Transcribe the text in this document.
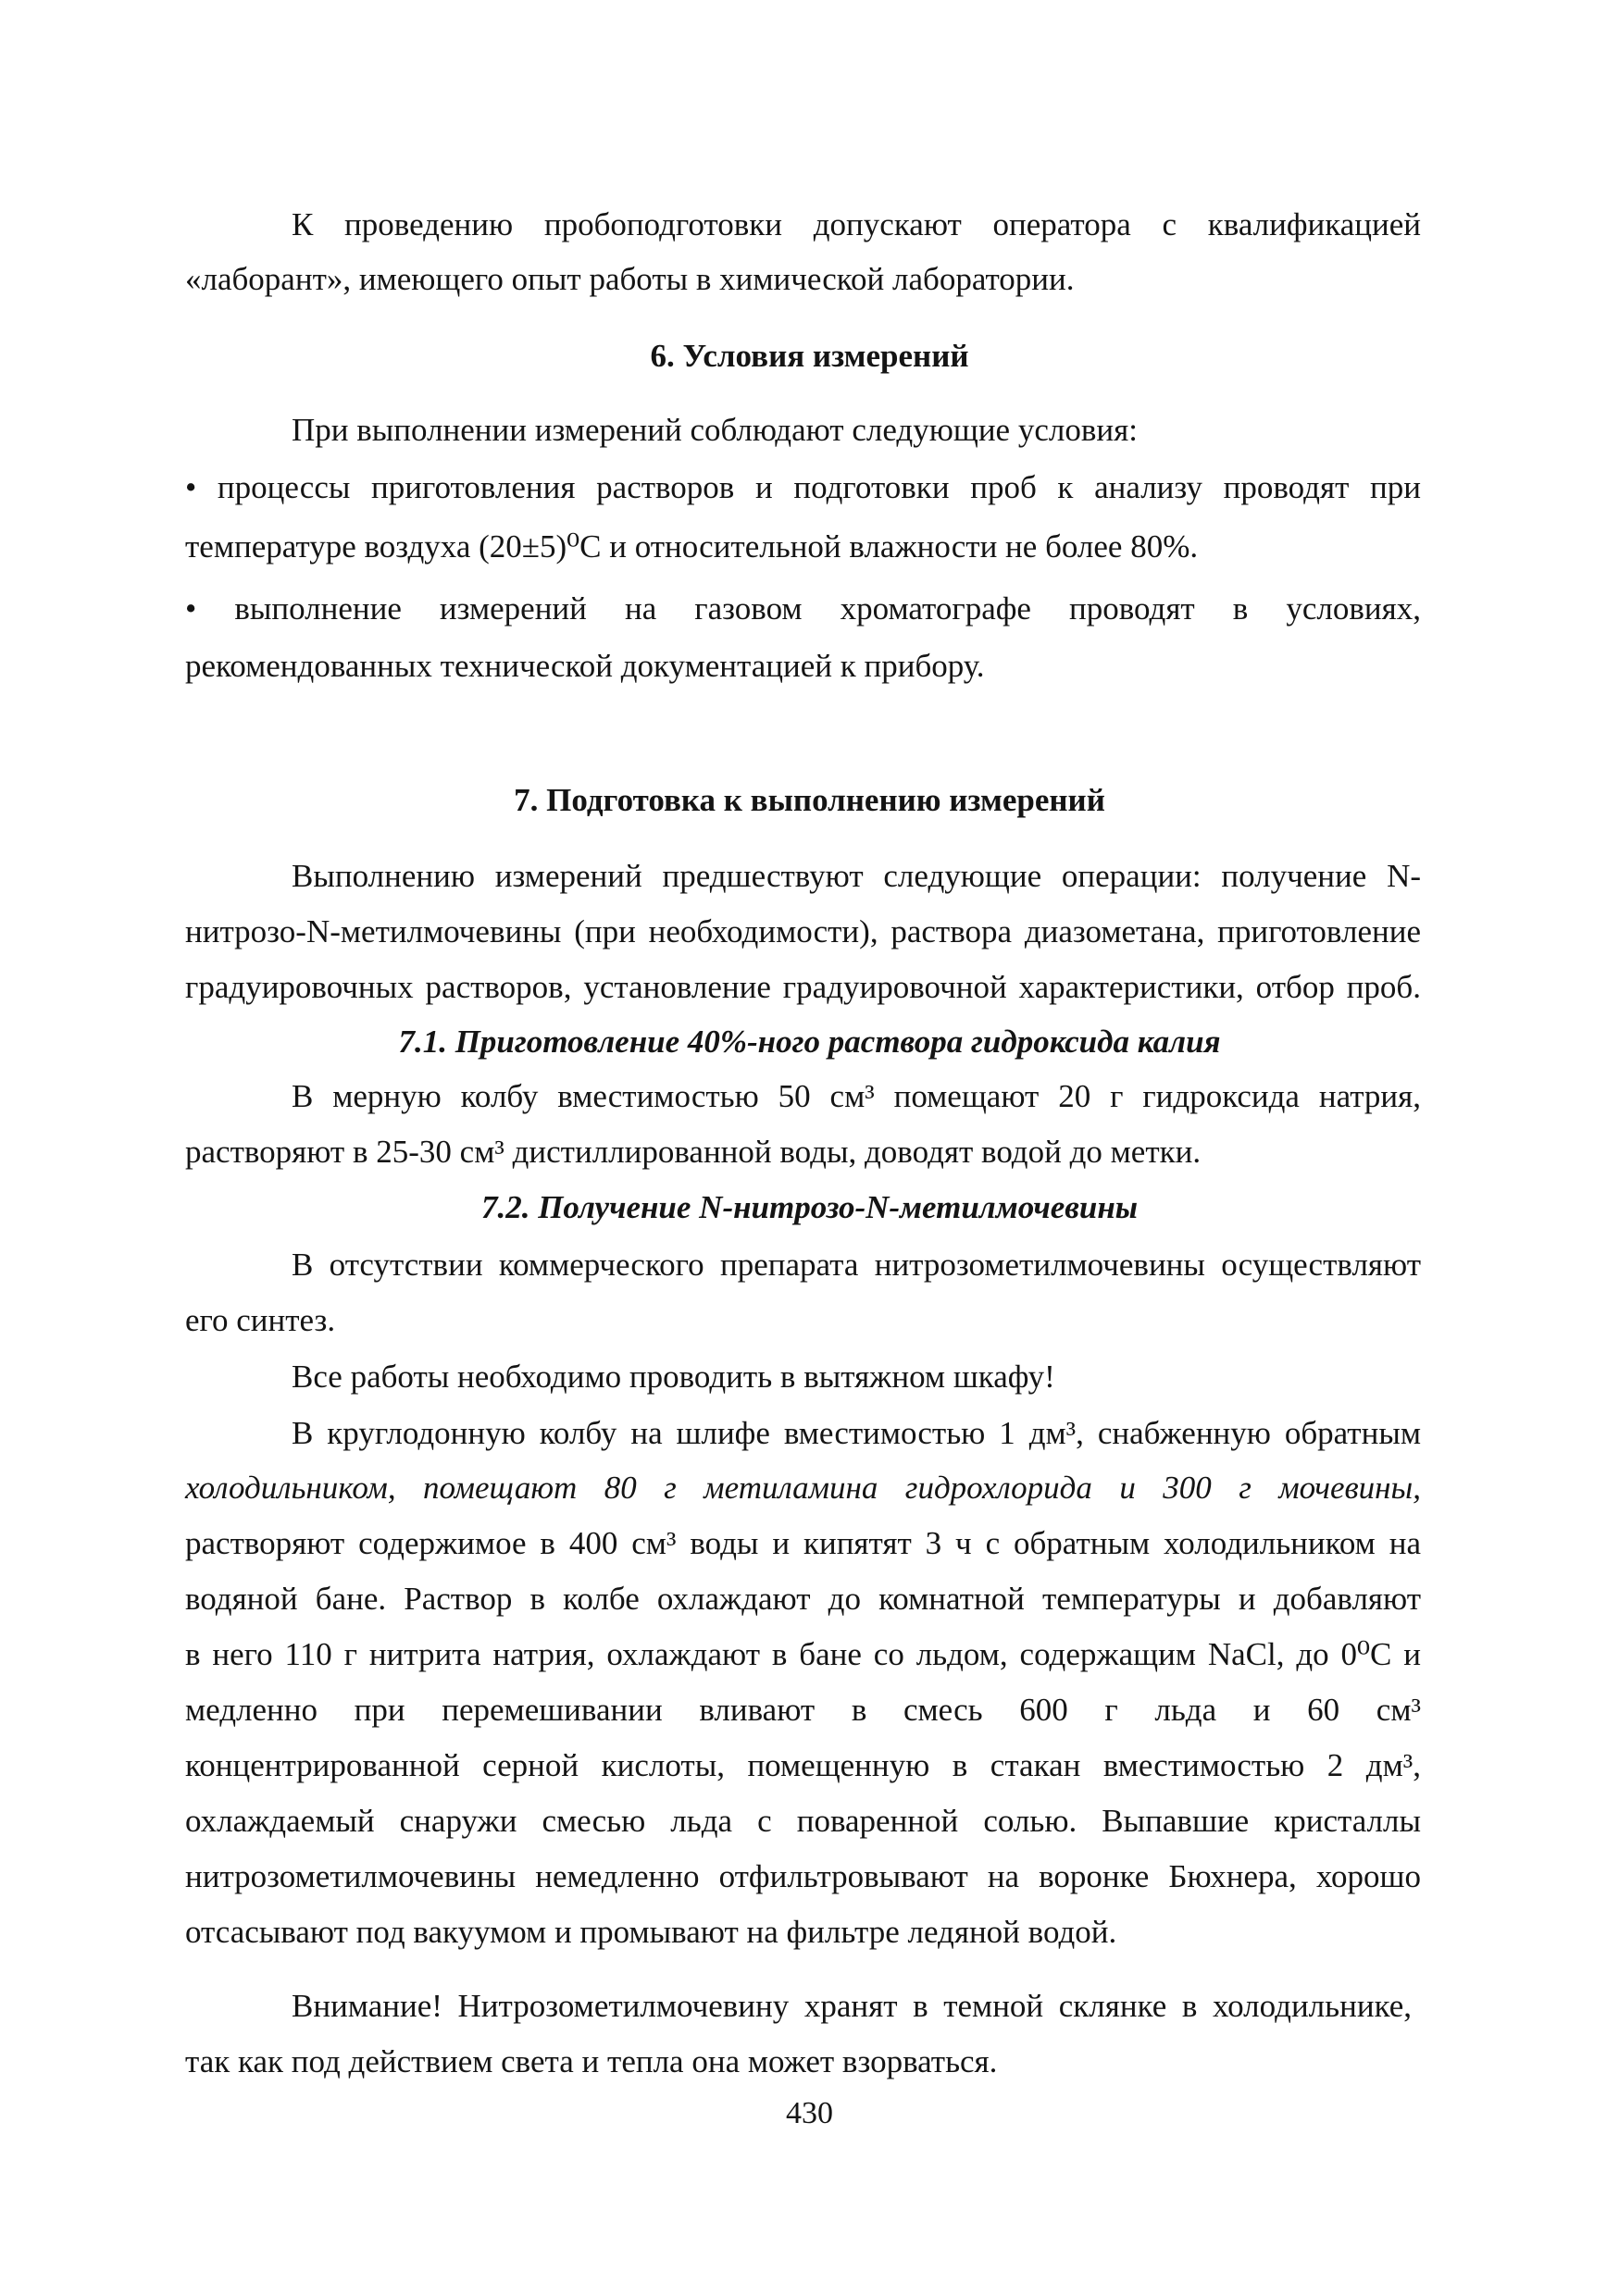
К проведению пробоподготовки допускают оператора с квалификацией

«лаборант», имеющего опыт работы в химической лаборатории.

6. Условия измерений

При выполнении измерений соблюдают следующие условия:

• процессы приготовления растворов и подготовки проб к анализу проводят при

температуре воздуха (20±5)⁰С и относительной влажности не более 80%.

• выполнение измерений на газовом хроматографе проводят в условиях,

рекомендованных технической документацией к прибору.

7. Подготовка к выполнению измерений

Выполнению измерений предшествуют следующие операции: получение N-

нитрозо-N-метилмочевины (при необходимости), раствора диазометана, приготовление

градуировочных растворов, установление градуировочной характеристики, отбор проб.

7.1. Приготовление 40%-ного раствора гидроксида калия

В мерную колбу вместимостью 50 см³ помещают 20 г гидроксида натрия,

растворяют в 25-30 см³ дистиллированной воды, доводят водой до метки.

7.2. Получение N-нитрозо-N-метилмочевины

В отсутствии коммерческого препарата нитрозометилмочевины осуществляют

его синтез.

Все работы необходимо проводить в вытяжном шкафу!

В круглодонную колбу на шлифе вместимостью 1 дм³, снабженную обратным

холодильником, помещают 80 г метиламина гидрохлорида и 300 г мочевины,

растворяют содержимое в 400 см³ воды и кипятят 3 ч с обратным холодильником на

водяной бане. Раствор в колбе охлаждают до комнатной температуры и добавляют

в него 110 г нитрита натрия, охлаждают в бане со льдом, содержащим NaCl, до 0⁰С и

медленно при перемешивании вливают в смесь 600 г льда и 60 см³

концентрированной серной кислоты, помещенную в стакан вместимостью 2 дм³,

охлаждаемый снаружи смесью льда с поваренной солью. Выпавшие кристаллы

нитрозометилмочевины немедленно отфильтровывают на воронке Бюхнера, хорошо

отсасывают под вакуумом и промывают на фильтре ледяной водой.

Внимание! Нитрозометилмочевину хранят в темной склянке в холодильнике,

так как под действием света и тепла она может взорваться.

430
